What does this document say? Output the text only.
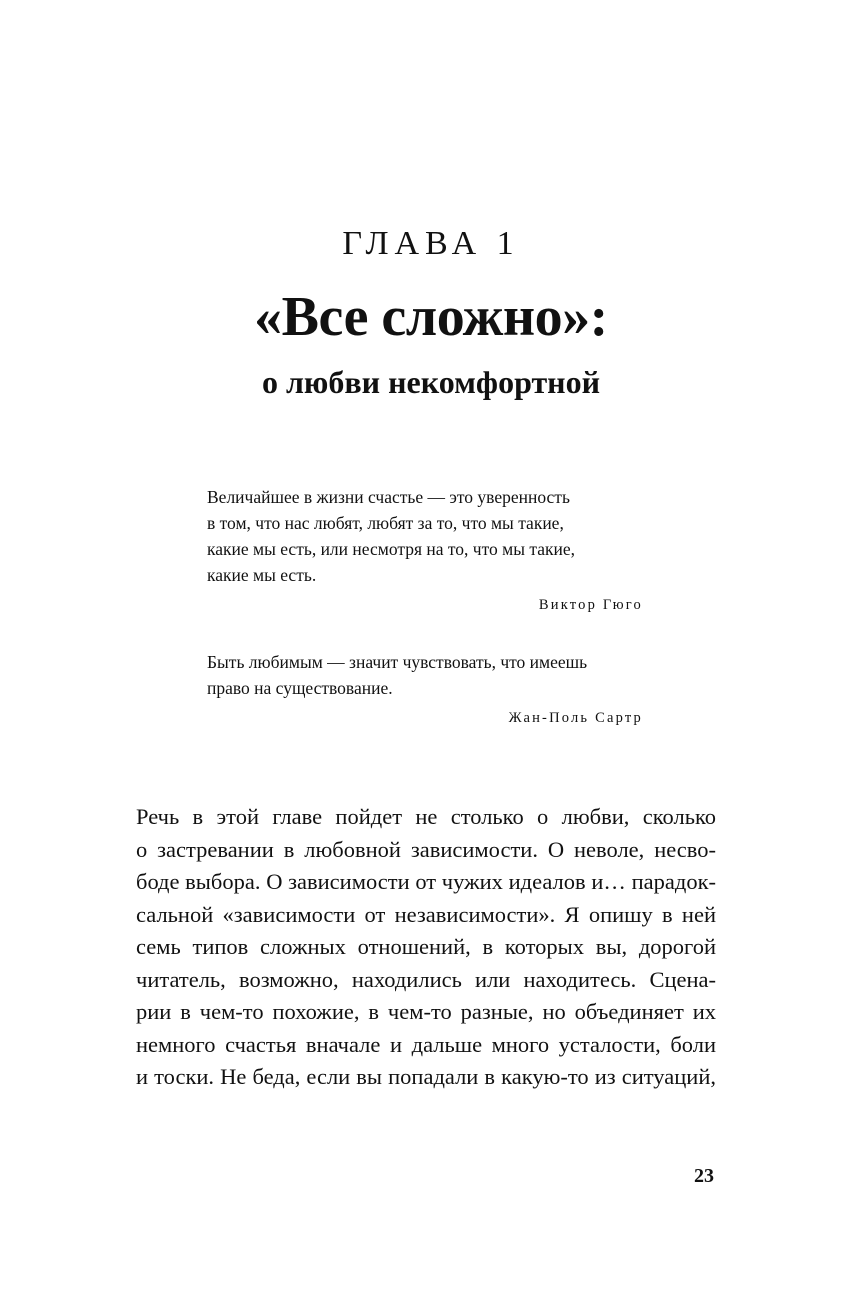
ГЛАВА 1
«Все сложно»:
о любви некомфортной
Величайшее в жизни счастье — это уверенность
в том, что нас любят, любят за то, что мы такие,
какие мы есть, или несмотря на то, что мы такие,
какие мы есть.
Виктор Гюго
Быть любимым — значит чувствовать, что имеешь
право на существование.
Жан-Поль Сартр
Речь в этой главе пойдет не столько о любви, сколько
о застревании в любовной зависимости. О неволе, несво-
боде выбора. О зависимости от чужих идеалов и… парадок-
сальной «зависимости от независимости». Я опишу в ней
семь типов сложных отношений, в которых вы, дорогой
читатель, возможно, находились или находитесь. Сцена-
рии в чем-то похожие, в чем-то разные, но объединяет их
немного счастья вначале и дальше много усталости, боли
и тоски. Не беда, если вы попадали в какую-то из ситуаций,
23
